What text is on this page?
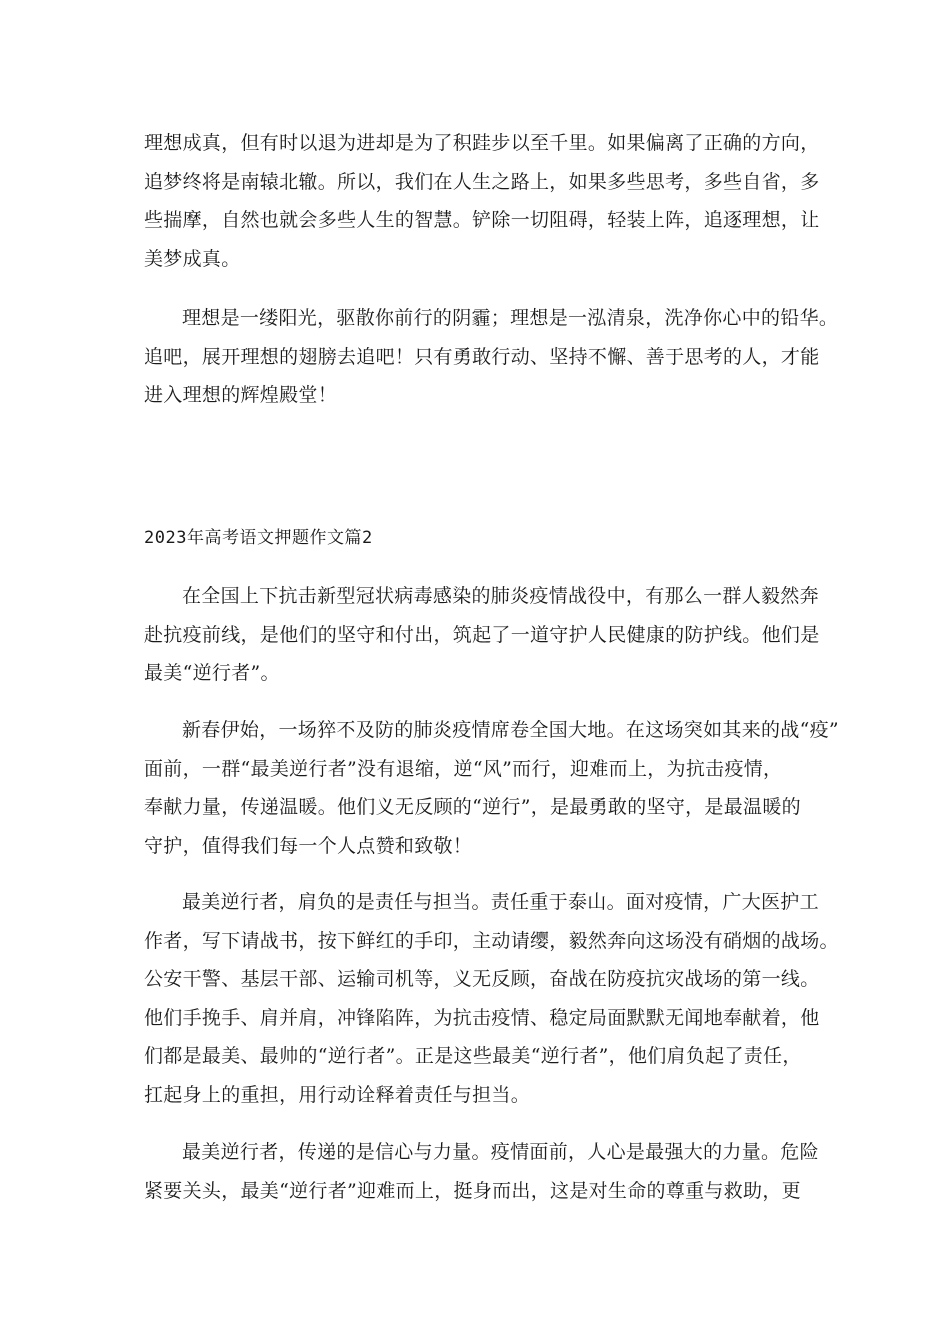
理想成真，但有时以退为进却是为了积跬步以至千里。如果偏离了正确的方向，
追梦终将是南辕北辙。所以，我们在人生之路上，如果多些思考，多些自省，多
些揣摩，自然也就会多些人生的智慧。铲除一切阻碍，轻装上阵，追逐理想，让
美梦成真。

理想是一缕阳光，驱散你前行的阴霾；理想是一泓清泉，洗净你心中的铅华。
追吧，展开理想的翅膀去追吧！只有勇敢行动、坚持不懈、善于思考的人，才能
进入理想的辉煌殿堂！

2023年高考语文押题作文篇2

在全国上下抗击新型冠状病毒感染的肺炎疫情战役中，有那么一群人毅然奔
赴抗疫前线，是他们的坚守和付出，筑起了一道守护人民健康的防护线。他们是
最美“逆行者”。

新春伊始，一场猝不及防的肺炎疫情席卷全国大地。在这场突如其来的战“疫”
面前，一群“最美逆行者”没有退缩，逆“风”而行，迎难而上，为抗击疫情，
奉献力量，传递温暖。他们义无反顾的“逆行”，是最勇敢的坚守，是最温暖的
守护，值得我们每一个人点赞和致敬！

最美逆行者，肩负的是责任与担当。责任重于泰山。面对疫情，广大医护工
作者，写下请战书，按下鲜红的手印，主动请缨，毅然奔向这场没有硝烟的战场。
公安干警、基层干部、运输司机等，义无反顾，奋战在防疫抗灾战场的第一线。
他们手挽手、肩并肩，冲锋陷阵，为抗击疫情、稳定局面默默无闻地奉献着，他
们都是最美、最帅的“逆行者”。正是这些最美“逆行者”，他们肩负起了责任，
扛起身上的重担，用行动诠释着责任与担当。

最美逆行者，传递的是信心与力量。疫情面前，人心是最强大的力量。危险
紧要关头，最美“逆行者”迎难而上，挺身而出，这是对生命的尊重与救助，更
